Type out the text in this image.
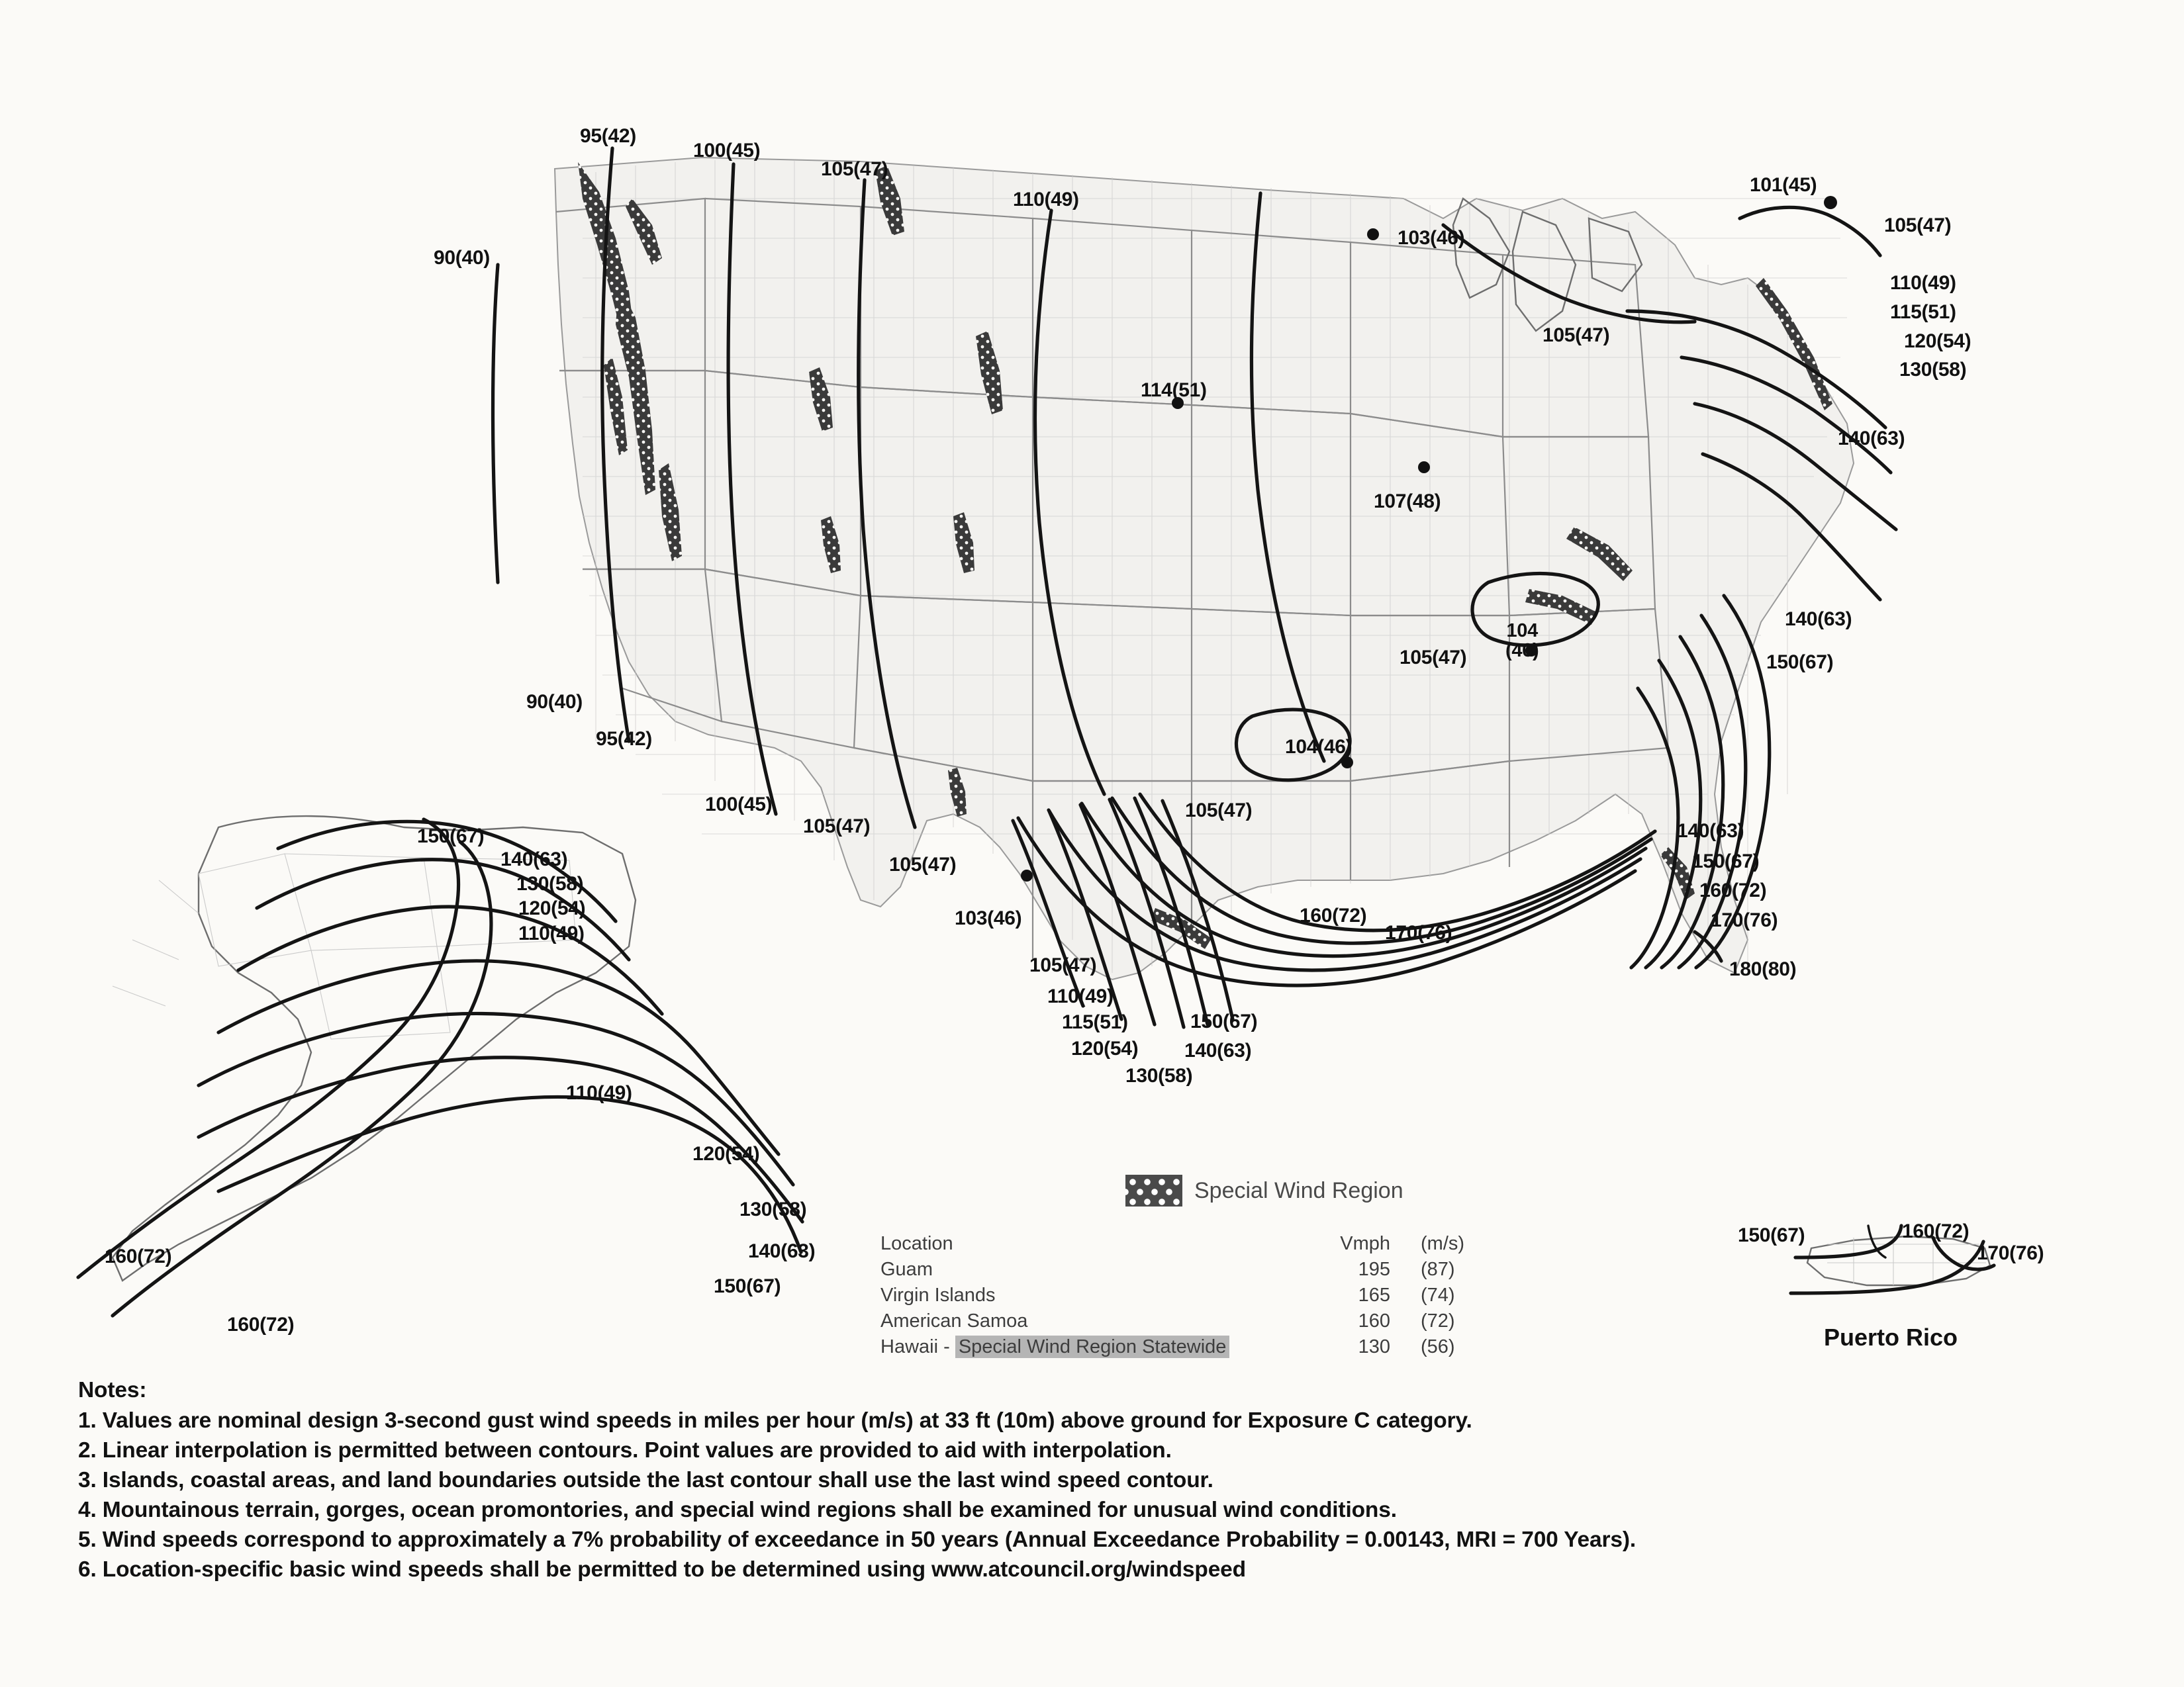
90(40)
95(42)
100(45)
105(47)
110(49)
103(46)
105(47)
101(45)
105(47)
110(49)
115(51)
120(54)
130(58)
140(63)
114(51)
107(48)
104
(46)
105(47)
140(63)
150(67)
90(40)
95(42)
100(45)
105(47)
105(47)
103(46)
104(46)
105(47)
105(47)
110(49)
115(51)
120(54)
130(58)
140(63)
150(67)
160(72)
170(76)
140(63)
150(67)
160(72)
170(76)
180(80)
150(67)
140(63)
130(58)
120(54)
110(49)
110(49)
120(54)
130(58)
140(63)
150(67)
160(72)
160(72)
150(67)	160(72)
170(76)
Special Wind Region
Location	Vmph	(m/s)
Guam	195	(87)
Virgin Islands	165	(74)
American Samoa	160	(72)
Hawaii - Special Wind Region Statewide	130	(56)	Puerto Rico
Notes:
1. Values are nominal design 3-second gust wind speeds in miles per hour (m/s) at 33 ft (10m) above ground for Exposure C category.
2. Linear interpolation is permitted between contours. Point values are provided to aid with interpolation.
3. Islands, coastal areas, and land boundaries outside the last contour shall use the last wind speed contour.
4. Mountainous terrain, gorges, ocean promontories, and special wind regions shall be examined for unusual wind conditions.
5. Wind speeds correspond to approximately a 7% probability of exceedance in 50 years (Annual Exceedance Probability = 0.00143, MRI = 700 Years).
6. Location-specific basic wind speeds shall be permitted to be determined using www.atcouncil.org/windspeed
